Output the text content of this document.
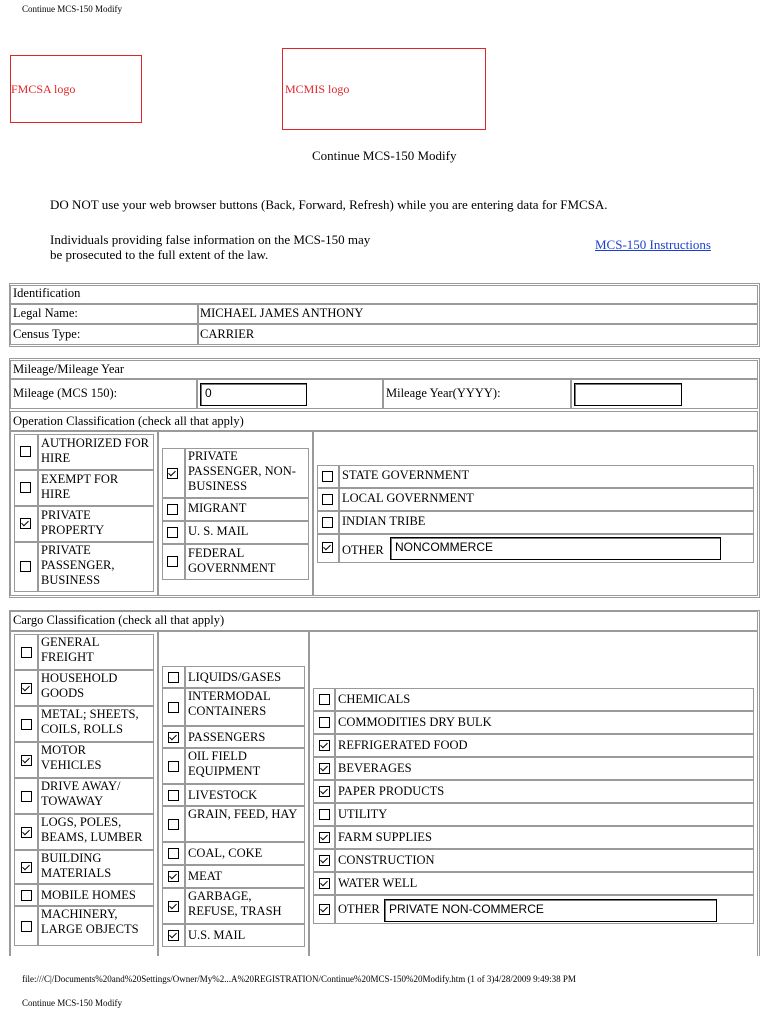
Continue MCS-150 Modify
FMCSA logo	MCMIS logo
Continue MCS-150 Modify
DO NOT use your web browser buttons (Back, Forward, Refresh) while you are entering data for FMCSA.
Individuals providing false information on the MCS-150 may
be prosecuted to the full extent of the law.
MCS-150 Instructions
Identification
Legal Name:	MICHAEL JAMES ANTHONY
Census Type:	CARRIER
Mileage/Mileage Year
Mileage (MCS 150):	0	Mileage Year(YYYY):
Operation Classification (check all that apply)
AUTHORIZED FOR HIRE
EXEMPT FOR HIRE
PRIVATE PROPERTY
PRIVATE PASSENGER, BUSINESS
PRIVATE PASSENGER, NON-BUSINESS
MIGRANT
U. S. MAIL
FEDERAL GOVERNMENT
STATE GOVERNMENT
LOCAL GOVERNMENT
INDIAN TRIBE
OTHER NONCOMMERCE
Cargo Classification (check all that apply)
GENERAL FREIGHT
HOUSEHOLD GOODS
METAL; SHEETS, COILS, ROLLS
MOTOR VEHICLES
DRIVE AWAY/ TOWAWAY
LOGS, POLES, BEAMS, LUMBER
BUILDING MATERIALS
MOBILE HOMES
MACHINERY, LARGE OBJECTS
LIQUIDS/GASES
INTERMODAL CONTAINERS
PASSENGERS
OIL FIELD EQUIPMENT
LIVESTOCK
GRAIN, FEED, HAY
COAL, COKE
MEAT
GARBAGE, REFUSE, TRASH
U.S. MAIL
CHEMICALS
COMMODITIES DRY BULK
REFRIGERATED FOOD
BEVERAGES
PAPER PRODUCTS
UTILITY
FARM SUPPLIES
CONSTRUCTION
WATER WELL
OTHER PRIVATE NON-COMMERCE
file:///C|/Documents%20and%20Settings/Owner/My%2...A%20REGISTRATION/Continue%20MCS-150%20Modify.htm (1 of 3)4/28/2009 9:49:38 PM
Continue MCS-150 Modify
